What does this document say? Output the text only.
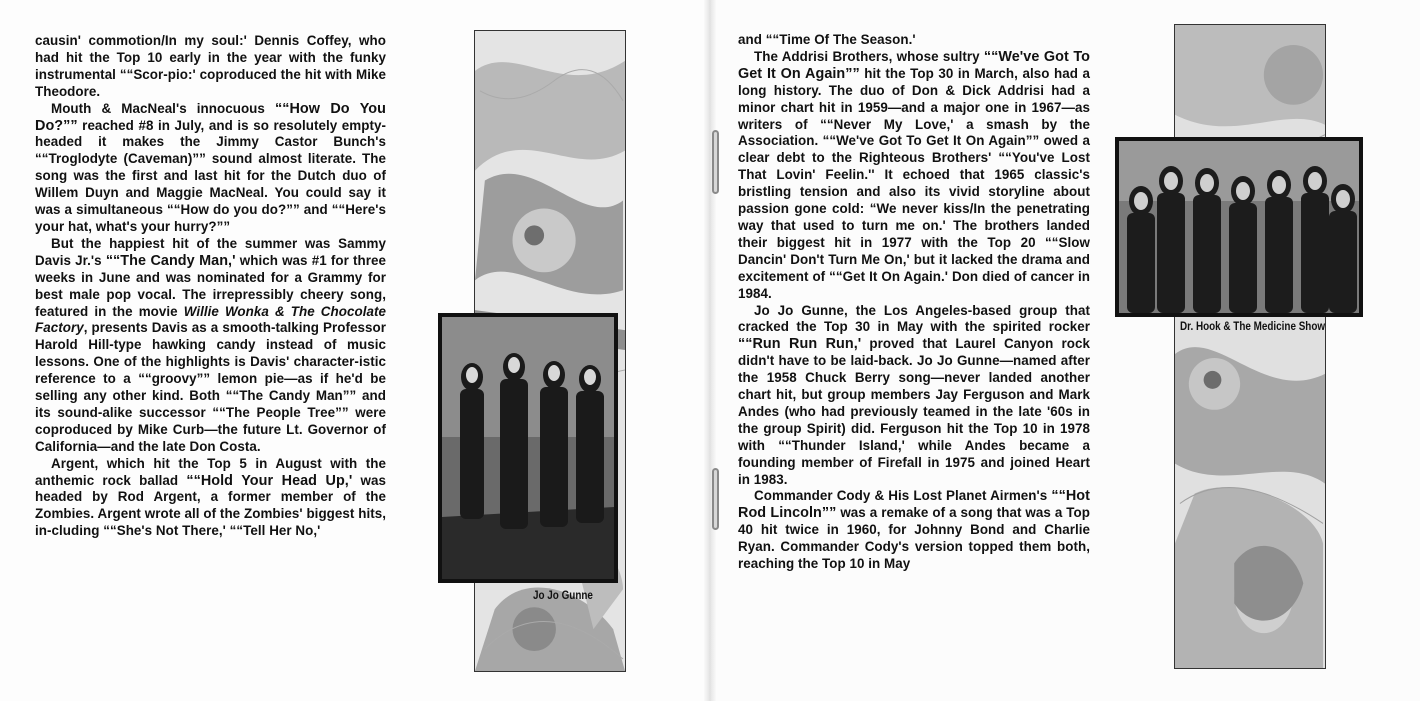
causin' commotion/In my soul:' Dennis Coffey, who had hit the Top 10 early in the year with the funky instrumental ““Scor-pio:' coproduced the hit with Mike Theodore.

Mouth & MacNeal's innocuous ““How Do You Do?”” reached #8 in July, and is so resolutely empty-headed it makes the Jimmy Castor Bunch's ““Troglodyte (Caveman)”” sound almost literate. The song was the first and last hit for the Dutch duo of Willem Duyn and Maggie MacNeal. You could say it was a simultaneous ““How do you do?”” and ““Here's your hat, what's your hurry?””

But the happiest hit of the summer was Sammy Davis Jr.'s ““The Candy Man,' which was #1 for three weeks in June and was nominated for a Grammy for best male pop vocal. The irrepressibly cheery song, featured in the movie Willie Wonka & The Chocolate Factory, presents Davis as a smooth-talking Professor Harold Hill-type hawking candy instead of music lessons. One of the highlights is Davis' character-istic reference to a ““groovy”” lemon pie—as if he'd be selling any other kind. Both ““The Candy Man”” and its sound-alike successor ““The People Tree”” were coproduced by Mike Curb—the future Lt. Governor of California—and the late Don Costa.

Argent, which hit the Top 5 in August with the anthemic rock ballad ““Hold Your Head Up,' was headed by Rod Argent, a former member of the Zombies. Argent wrote all of the Zombies' biggest hits, in-cluding ““She's Not There,' ““Tell Her No,'

Jo Jo Gunne

and ““Time Of The Season.'

The Addrisi Brothers, whose sultry ““We've Got To Get It On Again”” hit the Top 30 in March, also had a long history. The duo of Don & Dick Addrisi had a minor chart hit in 1959—and a major one in 1967—as writers of ““Never My Love,' a smash by the Association. ““We've Got To Get It On Again”” owed a clear debt to the Righteous Brothers' ““You've Lost That Lovin' Feelin.'' It echoed that 1965 classic's bristling tension and also its vivid storyline about passion gone cold: “We never kiss/In the penetrating way that used to turn me on.' The brothers landed their biggest hit in 1977 with the Top 20 ““Slow Dancin' Don't Turn Me On,' but it lacked the drama and excitement of ““Get It On Again.' Don died of cancer in 1984.

Jo Jo Gunne, the Los Angeles-based group that cracked the Top 30 in May with the spirited rocker ““Run Run Run,' proved that Laurel Canyon rock didn't have to be laid-back. Jo Jo Gunne—named after the 1958 Chuck Berry song—never landed another chart hit, but group members Jay Ferguson and Mark Andes (who had previously teamed in the late '60s in the group Spirit) did. Ferguson hit the Top 10 in 1978 with ““Thunder Island,' while Andes became a founding member of Firefall in 1975 and joined Heart in 1983.

Commander Cody & His Lost Planet Airmen's ““Hot Rod Lincoln”” was a remake of a song that was a Top 40 hit twice in 1960, for Johnny Bond and Charlie Ryan. Commander Cody's version topped them both, reaching the Top 10 in May

Dr. Hook & The Medicine Show
